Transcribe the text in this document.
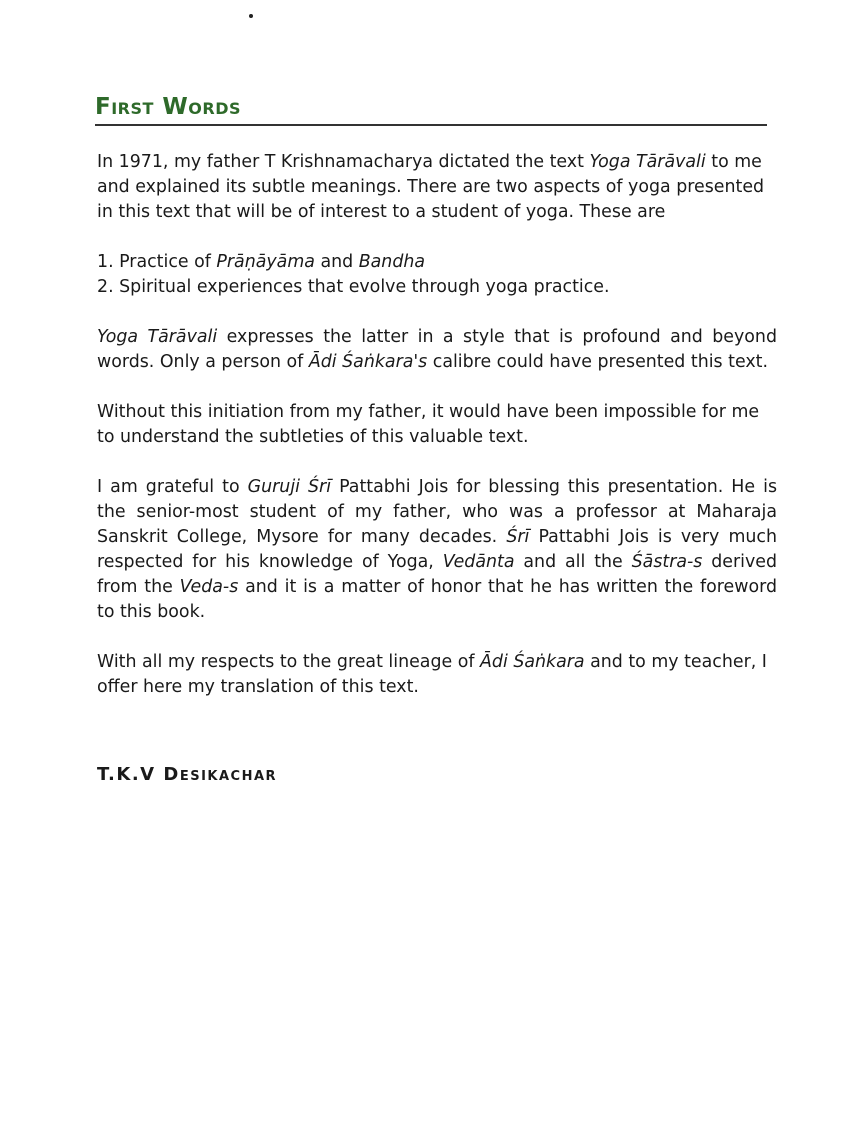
First Words

In 1971, my father T Krishnamacharya dictated the text Yoga Tārāvali to me and explained its subtle meanings. There are two aspects of yoga presented in this text that will be of interest to a student of yoga. These are

1. Practice of Prāṇāyāma and Bandha
2. Spiritual experiences that evolve through yoga practice.

Yoga Tārāvali expresses the latter in a style that is profound and beyond words. Only a person of Ādi Śaṅkara's calibre could have presented this text.

Without this initiation from my father, it would have been impossible for me to understand the subtleties of this valuable text.

I am grateful to Guruji Śrī Pattabhi Jois for blessing this presentation. He is the senior-most student of my father, who was a professor at Maharaja Sanskrit College, Mysore for many decades. Śrī Pattabhi Jois is very much respected for his knowledge of Yoga, Vedānta and all the Śāstra-s derived from the Veda-s and it is a matter of honor that he has written the foreword to this book.

With all my respects to the great lineage of Ādi Śaṅkara and to my teacher, I offer here my translation of this text.

T.K.V Desikachar
